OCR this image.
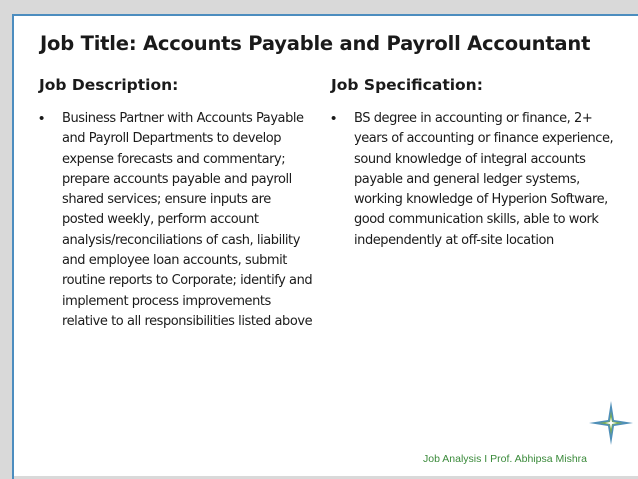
Job Title: Accounts Payable and Payroll Accountant
Job Description:
• Business Partner with Accounts Payable and Payroll Departments to develop expense forecasts and commentary; prepare accounts payable and payroll shared services; ensure inputs are posted weekly, perform account analysis/reconciliations of cash, liability and employee loan accounts, submit routine reports to Corporate; identify and implement process improvements relative to all responsibilities listed above
Job Specification:
• BS degree in accounting or finance, 2+ years of accounting or finance experience, sound knowledge of integral accounts payable and general ledger systems, working knowledge of Hyperion Software, good communication skills, able to work independently at off-site location
Job Analysis I Prof. Abhipsa Mishra
